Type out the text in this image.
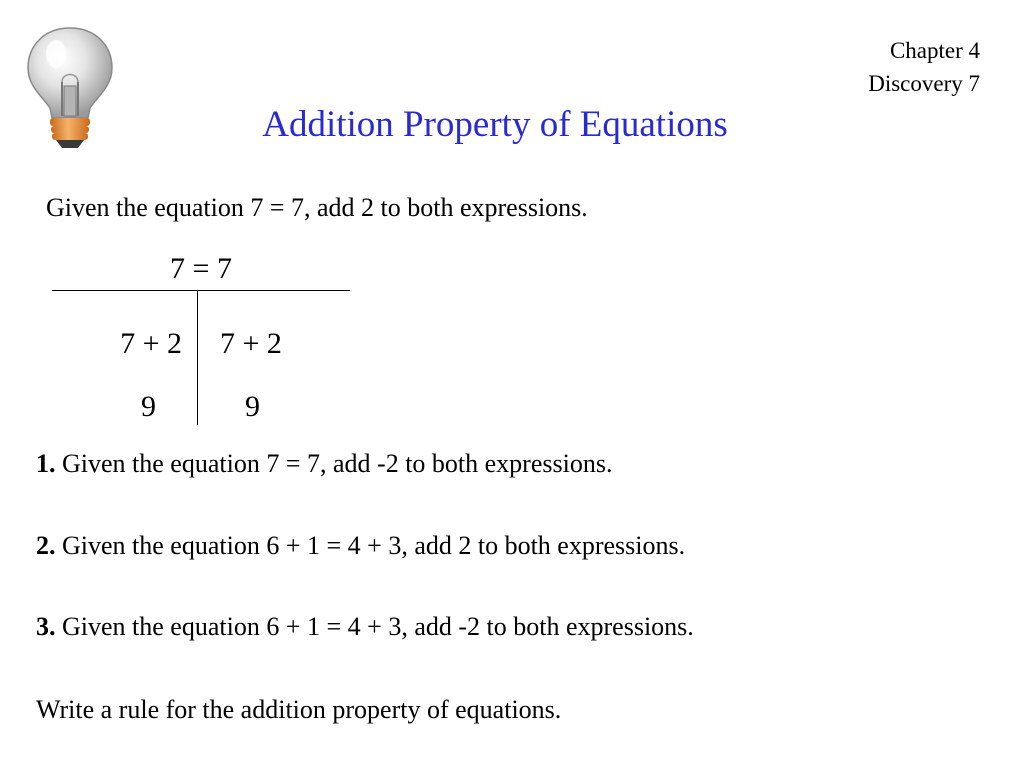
Chapter 4
Discovery 7
Addition Property of Equations
Given the equation 7 = 7, add 2 to both expressions.
7 = 7
7 + 2 7 + 2
9	9
1. Given the equation 7 = 7, add -2 to both expressions.
2. Given the equation 6 + 1 = 4 + 3, add 2 to both expressions.
3. Given the equation 6 + 1 = 4 + 3, add -2 to both expressions.
Write a rule for the addition property of equations.
